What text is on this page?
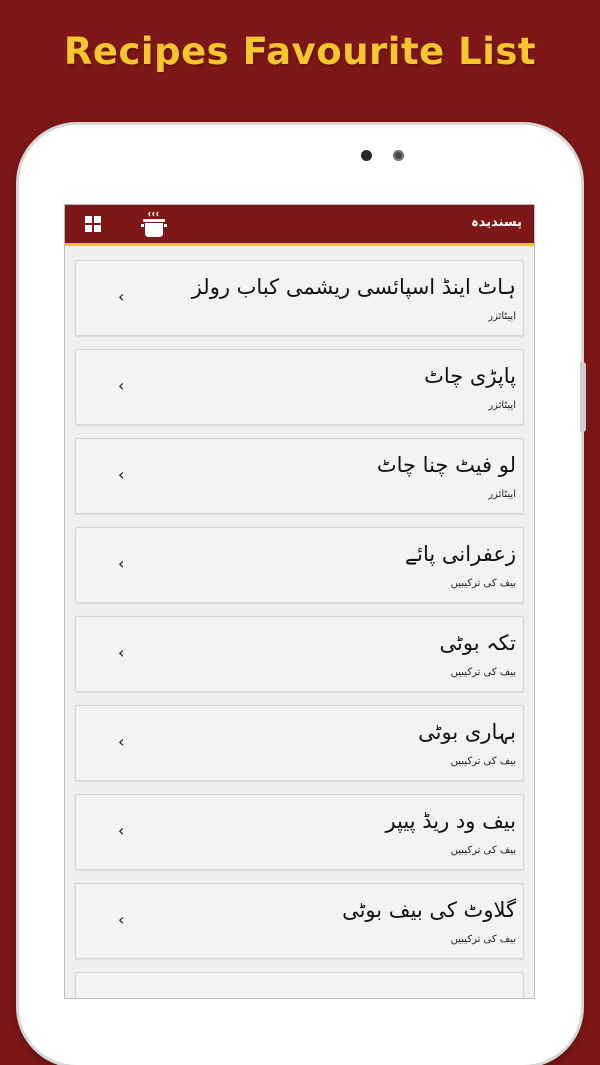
Recipes Favourite List
پسندیدہ
‹	ہاٹ اینڈ اسپائسی ریشمی کباب رولز
اپیٹائزر
‹	پاپڑی چاٹ
اپیٹائزر
‹	لو فیٹ چنا چاٹ
اپیٹائزر
‹	زعفرانی پائے
بیف کی ترکیبیں
‹	تکہ بوٹی
بیف کی ترکیبیں
‹	بہاری بوٹی
بیف کی ترکیبیں
‹	بیف ود ریڈ پیپر
بیف کی ترکیبیں
‹	گلاوٹ کی بیف بوٹی
بیف کی ترکیبیں
